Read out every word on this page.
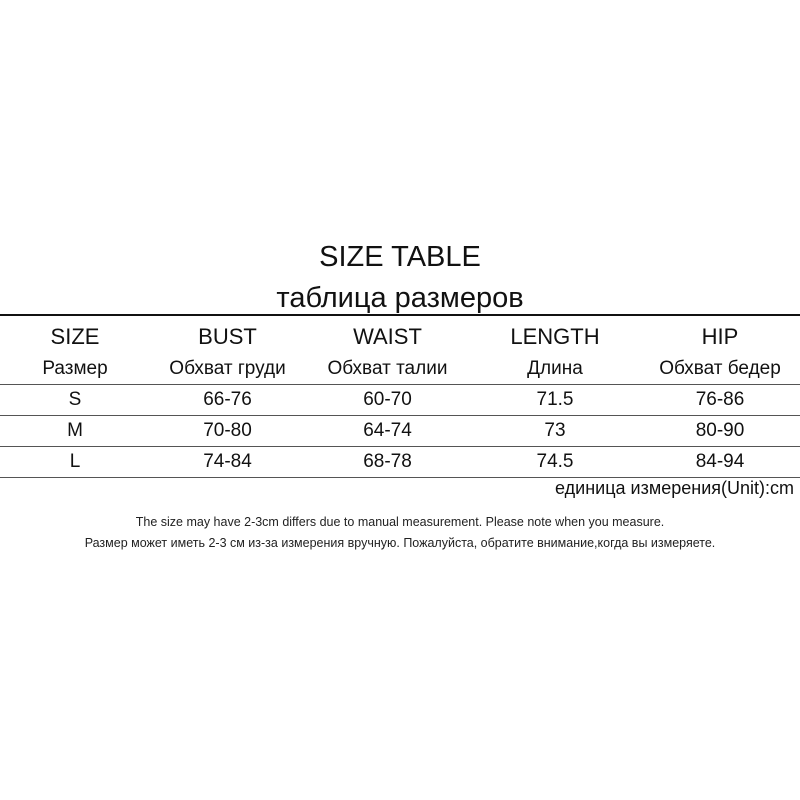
SIZE TABLE
таблица размеров
SIZE	BUST	WAIST	LENGTH	HIP
Размер	Обхват груди	Обхват талии	Длина	Обхват бедер
S	66-76	60-70	71.5	76-86
M	70-80	64-74	73	80-90
L	74-84	68-78	74.5	84-94
единица измерения(Unit):cm
The size may have 2-3cm differs due to manual measurement. Please note when you measure.
Размер может иметь 2-3 см из-за измерения вручную. Пожалуйста, обратите внимание,когда вы измеряете.
